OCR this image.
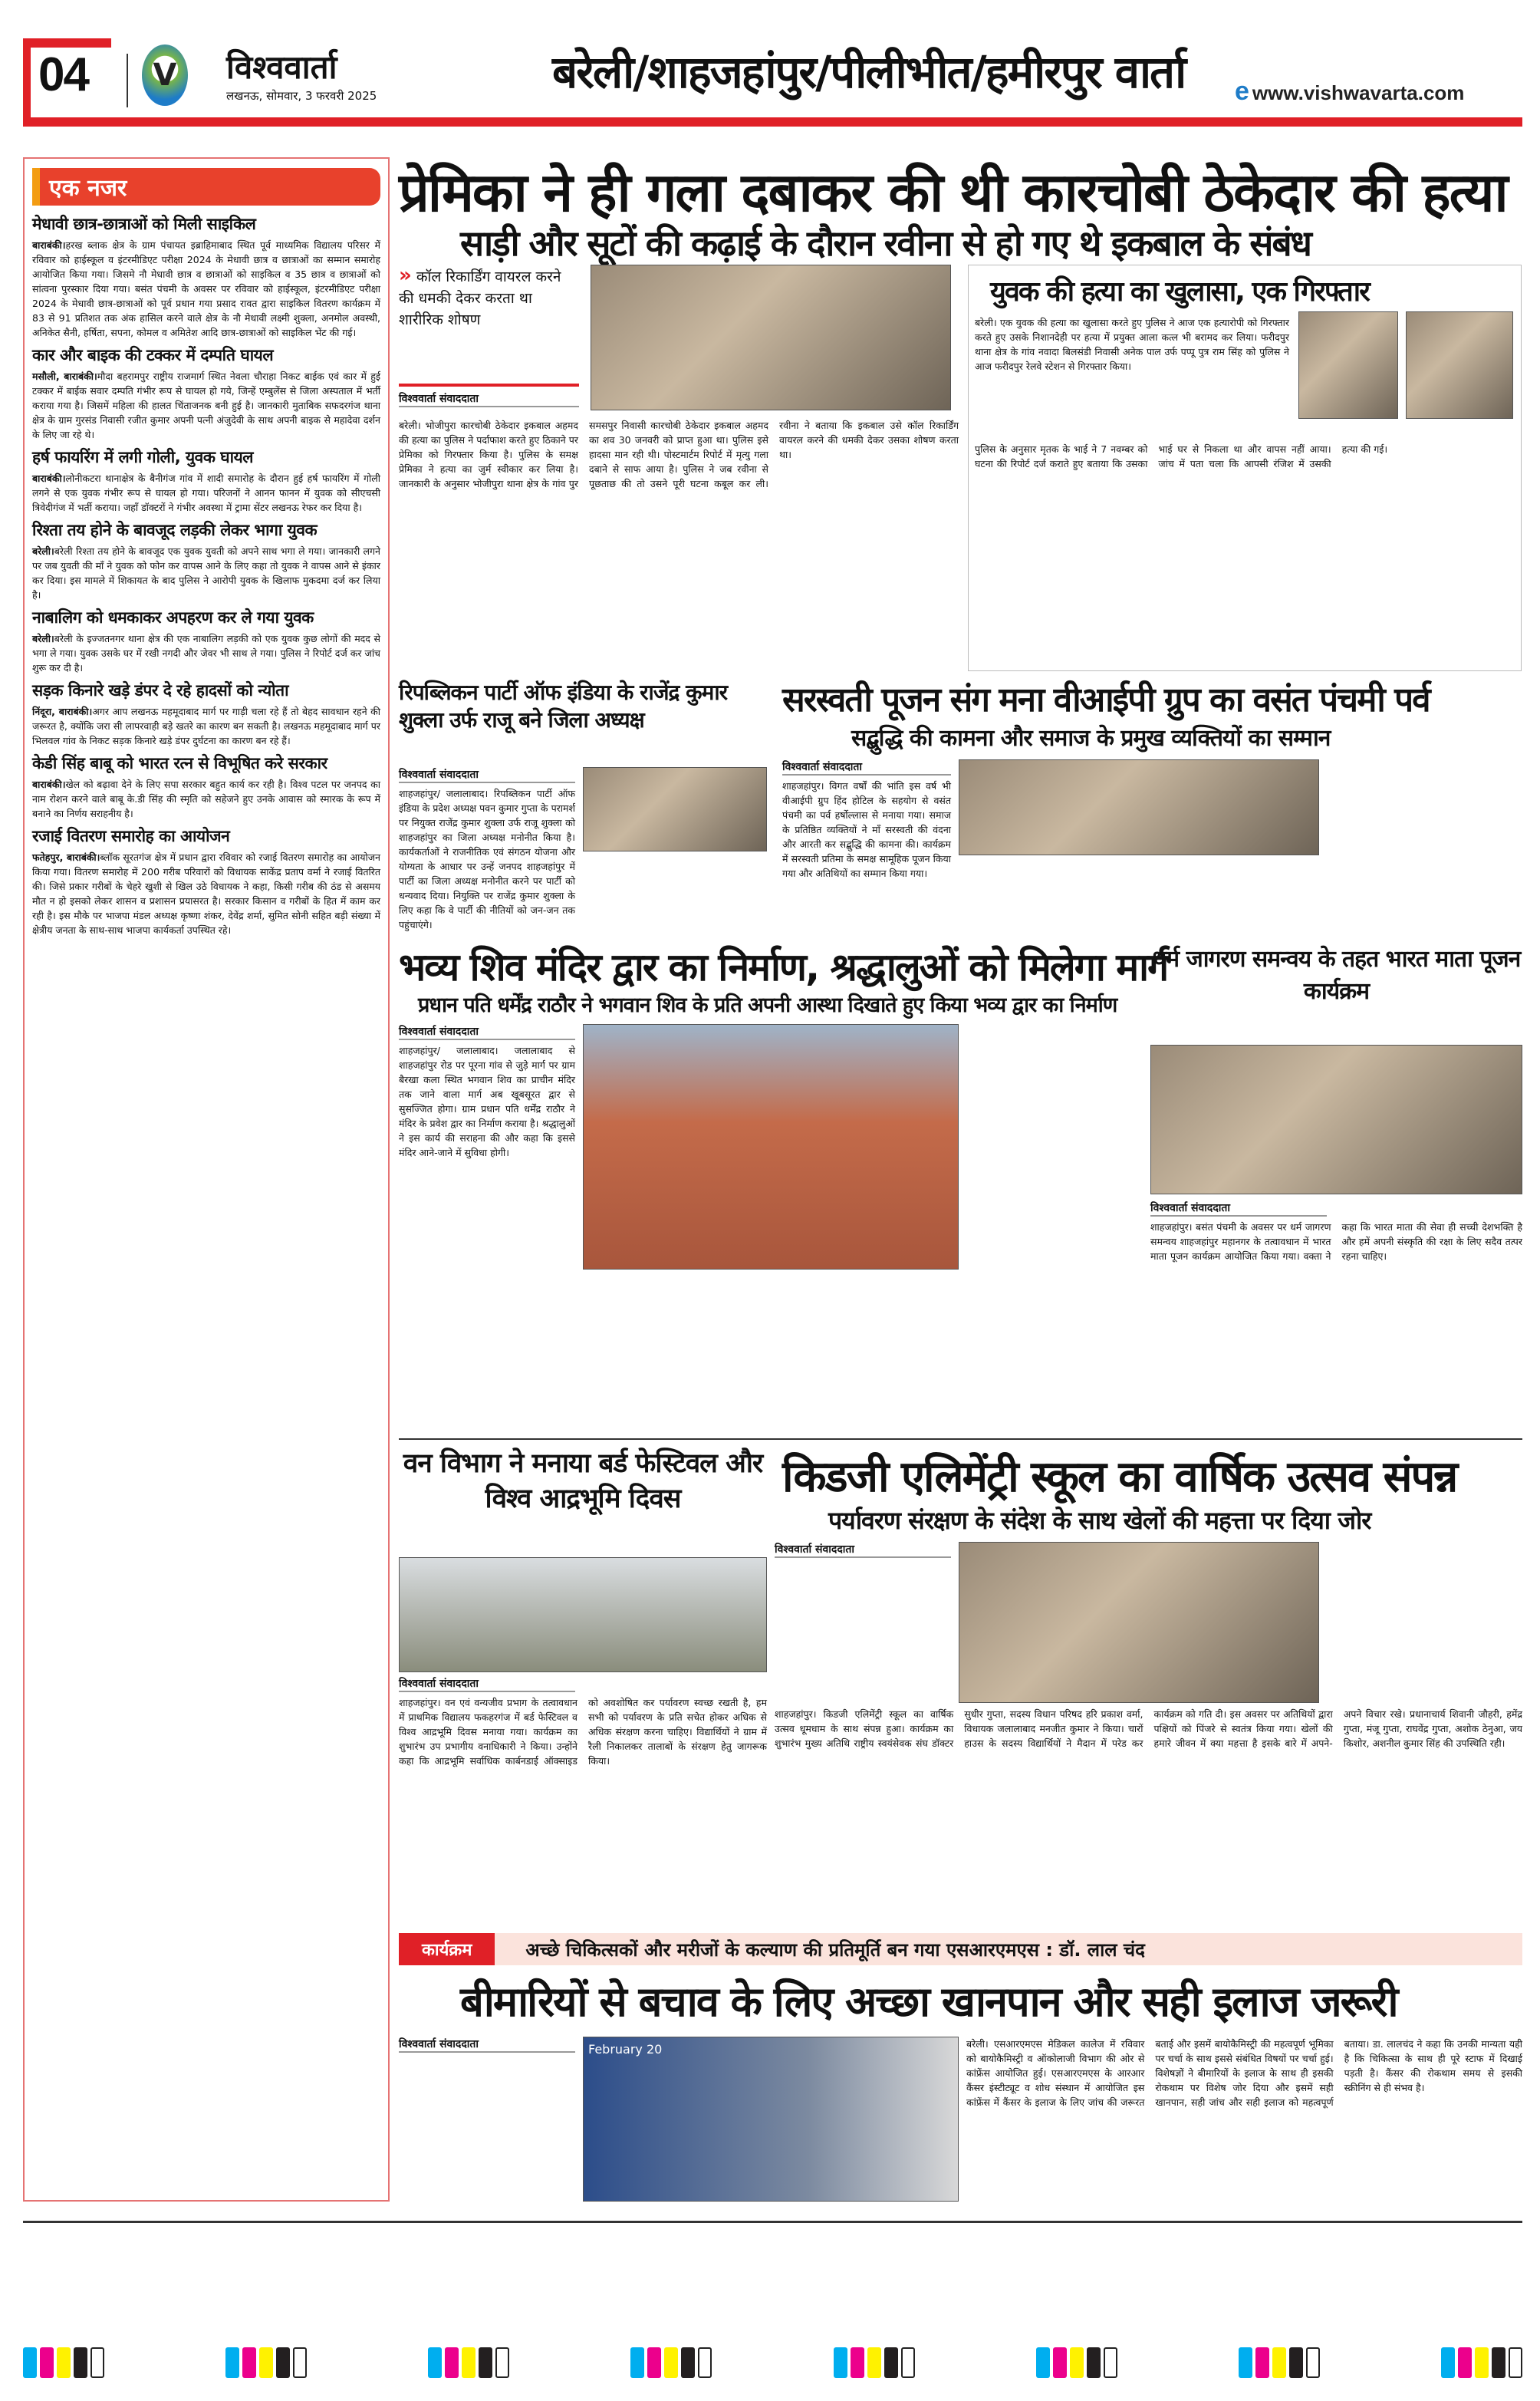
04	V	विश्ववार्ता
लखनऊ, सोमवार, 3 फरवरी 2025	बरेली/शाहजहांपुर/पीलीभीत/हमीरपुर वार्ता e www.vishwavarta.com
एक नजर
मेधावी छात्र-छात्राओं को मिली साइकिल
बाराबंकी।हरख ब्लाक क्षेत्र के ग्राम पंचायत इब्राहिमाबाद स्थित पूर्व माध्यमिक विद्यालय परिसर में रविवार को हाईस्कूल व इंटरमीडिएट परीक्षा 2024 के मेधावी छात्र व छात्राओं का सम्मान समारोह आयोजित किया गया। जिसमे नौ मेधावी छात्र व छात्राओं को साइकिल व 35 छात्र व छात्राओं को सांत्वना पुरस्कार दिया गया। बसंत पंचमी के अवसर पर रविवार को हाईस्कूल, इंटरमीडिएट परीक्षा 2024 के मेधावी छात्र-छात्राओं को पूर्व प्रधान गया प्रसाद रावत द्वारा साइकिल वितरण कार्यक्रम में 83 से 91 प्रतिशत तक अंक हासिल करने वाले क्षेत्र के नौ मेधावी लक्ष्मी शुक्ला, अनमोल अवस्थी, अनिकेत सैनी, हर्षिता, सपना, कोमल व अमितेश आदि छात्र-छात्राओं को साइकिल भेंट की गई।
कार और बाइक की टक्कर में दम्पति घायल
मसौली, बाराबंकी।मौदा बहरामपुर राष्ट्रीय राजमार्ग स्थित नेवला चौराहा निकट बाईक एवं कार में हुई टक्कर में बाईक सवार दम्पति गंभीर रूप से घायल हो गये, जिन्हें एम्बुलेंस से जिला अस्पताल में भर्ती कराया गया है। जिसमें महिला की हालत चिंताजनक बनी हुई है। जानकारी मुताबिक सफदरगंज थाना क्षेत्र के ग्राम गुरसंड निवासी रजीत कुमार अपनी पत्नी अंजुदेवी के साथ अपनी बाइक से महादेवा दर्शन के लिए जा रहे थे।
हर्ष फायरिंग में लगी गोली, युवक घायल
बाराबंकी।लोनीकटरा थानाक्षेत्र के बैनीगंज गांव में शादी समारोह के दौरान हुई हर्ष फायरिंग में गोली लगने से एक युवक गंभीर रूप से घायल हो गया। परिजनों ने आनन फानन में युवक को सीएचसी त्रिवेदीगंज में भर्ती कराया। जहाँ डॉक्टरों ने गंभीर अवस्था में ट्रामा सेंटर लखनऊ रेफर कर दिया है।
रिश्ता तय होने के बावजूद लड़की लेकर भागा युवक
बरेली।बरेली रिश्ता तय होने के बावजूद एक युवक युवती को अपने साथ भगा ले गया। जानकारी लगने पर जब युवती की माँ ने युवक को फोन कर वापस आने के लिए कहा तो युवक ने वापस आने से इंकार कर दिया। इस मामले में शिकायत के बाद पुलिस ने आरोपी युवक के खिलाफ मुकदमा दर्ज कर लिया है।
नाबालिग को धमकाकर अपहरण कर ले गया युवक
बरेली।बरेली के इज्जतनगर थाना क्षेत्र की एक नाबालिग लड़की को एक युवक कुछ लोगों की मदद से भगा ले गया। युवक उसके घर में रखी नगदी और जेवर भी साथ ले गया। पुलिस ने रिपोर्ट दर्ज कर जांच शुरू कर दी है।
सड़क किनारे खड़े डंपर दे रहे हादसों को न्योता
निंदूरा, बाराबंकी।अगर आप लखनऊ महमूदाबाद मार्ग पर गाड़ी चला रहे हैं तो बेहद सावधान रहने की जरूरत है, क्योंकि जरा सी लापरवाही बड़े खतरे का कारण बन सकती है। लखनऊ महमूदाबाद मार्ग पर भिलवल गांव के निकट सड़क किनारे खड़े डंपर दुर्घटना का कारण बन रहे हैं।
केडी सिंह बाबू को भारत रत्न से विभूषित करे सरकार
बाराबंकी।खेल को बढ़ावा देने के लिए सपा सरकार बहुत कार्य कर रही है। विश्व पटल पर जनपद का नाम रोशन करने वाले बाबू के.डी सिंह की स्मृति को सहेजने हुए उनके आवास को स्मारक के रूप में बनाने का निर्णय सराहनीय है।
रजाई वितरण समारोह का आयोजन
फतेहपुर, बाराबंकी।ब्लॉक सूरतगंज क्षेत्र में प्रधान द्वारा रविवार को रजाई वितरण समारोह का आयोजन किया गया। वितरण समारोह में 200 गरीब परिवारों को विधायक साकेंद्र प्रताप वर्मा ने रजाई वितरित की। जिसे प्रकार गरीबों के चेहरे खुशी से खिल उठे विधायक ने कहा, किसी गरीब की ठंड से असमय मौत न हो इसको लेकर शासन व प्रशासन प्रयासरत है। सरकार किसान व गरीबों के हित में काम कर रही है। इस मौके पर भाजपा मंडल अध्यक्ष कृष्णा शंकर, देवेंद्र शर्मा, सुमित सोनी सहित बड़ी संख्या में क्षेत्रीय जनता के साथ-साथ भाजपा कार्यकर्ता उपस्थित रहे।
प्रेमिका ने ही गला दबाकर की थी कारचोबी ठेकेदार की हत्या
साड़ी और सूटों की कढ़ाई के दौरान रवीना से हो गए थे इकबाल के संबंध
» कॉल रिकार्डिंग वायरल करने की धमकी देकर करता था शारीरिक शोषण
विश्ववार्ता संवाददाता
बरेली। भोजीपुरा कारचोबी ठेकेदार इकबाल अहमद की हत्या का पुलिस ने पर्दाफाश करते हुए ठिकाने पर प्रेमिका को गिरफ्तार किया है। पुलिस के समक्ष प्रेमिका ने हत्या का जुर्म स्वीकार कर लिया है। जानकारी के अनुसार भोजीपुरा थाना क्षेत्र के गांव पुर समसपुर निवासी कारचोबी ठेकेदार इकबाल अहमद का शव 30 जनवरी को प्राप्त हुआ था। पुलिस इसे हादसा मान रही थी। पोस्टमार्टम रिपोर्ट में मृत्यु गला दबाने से साफ आया है। पुलिस ने जब रवीना से पूछताछ की तो उसने पूरी घटना कबूल कर ली। रवीना ने बताया कि इकबाल उसे कॉल रिकार्डिंग वायरल करने की धमकी देकर उसका शोषण करता था।
युवक की हत्या का खुलासा, एक गिरफ्तार
बरेली। एक युवक की हत्या का खुलासा करते हुए पुलिस ने आज एक हत्यारोपी को गिरफ्तार करते हुए उसके निशानदेही पर हत्या में प्रयुक्त आला कत्ल भी बरामद कर लिया। फरीदपुर थाना क्षेत्र के गांव नवादा बिलसंडी निवासी अनेक पाल उर्फ पप्पू पुत्र राम सिंह को पुलिस ने आज फरीदपुर रेलवे स्टेशन से गिरफ्तार किया।
पुलिस के अनुसार मृतक के भाई ने 7 नवम्बर को घटना की रिपोर्ट दर्ज कराते हुए बताया कि उसका भाई घर से निकला था और वापस नहीं आया। जांच में पता चला कि आपसी रंजिश में उसकी हत्या की गई।
रिपब्लिकन पार्टी ऑफ इंडिया के राजेंद्र कुमार शुक्ला उर्फ राजू बने जिला अध्यक्ष
विश्ववार्ता संवाददाता
शाहजहांपुर/ जलालाबाद। रिपब्लिकन पार्टी ऑफ इंडिया के प्रदेश अध्यक्ष पवन कुमार गुप्ता के परामर्श पर नियुक्त राजेंद्र कुमार शुक्ला उर्फ राजू शुक्ला को शाहजहांपुर का जिला अध्यक्ष मनोनीत किया है। कार्यकर्ताओं ने राजनीतिक एवं संगठन योजना और योग्यता के आधार पर उन्हें जनपद शाहजहांपुर में पार्टी का जिला अध्यक्ष मनोनीत करने पर पार्टी को धन्यवाद दिया। नियुक्ति पर राजेंद्र कुमार शुक्ला के लिए कहा कि वे पार्टी की नीतियों को जन-जन तक पहुंचाएंगे।
सरस्वती पूजन संग मना वीआईपी ग्रुप का वसंत पंचमी पर्व
सद्बुद्धि की कामना और समाज के प्रमुख व्यक्तियों का सम्मान
विश्ववार्ता संवाददाता
शाहजहांपुर। विगत वर्षों की भांति इस वर्ष भी वीआईपी ग्रुप हिंद होटिल के सहयोग से वसंत पंचमी का पर्व हर्षोल्लास से मनाया गया। समाज के प्रतिष्ठित व्यक्तियों ने माँ सरस्वती की वंदना और आरती कर सद्बुद्धि की कामना की। कार्यक्रम में सरस्वती प्रतिमा के समक्ष सामूहिक पूजन किया गया और अतिथियों का सम्मान किया गया।
भव्य शिव मंदिर द्वार का निर्माण, श्रद्धालुओं को मिलेगा मार्ग
प्रधान पति धर्मेंद्र राठौर ने भगवान शिव के प्रति अपनी आस्था दिखाते हुए किया भव्य द्वार का निर्माण
विश्ववार्ता संवाददाता
शाहजहांपुर/ जलालाबाद। जलालाबाद से शाहजहांपुर रोड पर पूरना गांव से जुड़े मार्ग पर ग्राम बैरखा कला स्थित भगवान शिव का प्राचीन मंदिर तक जाने वाला मार्ग अब खूबसूरत द्वार से सुसज्जित होगा। ग्राम प्रधान पति धर्मेंद्र राठौर ने मंदिर के प्रवेश द्वार का निर्माण कराया है। श्रद्धालुओं ने इस कार्य की सराहना की और कहा कि इससे मंदिर आने-जाने में सुविधा होगी।
धर्म जागरण समन्वय के तहत भारत माता पूजन कार्यक्रम
विश्ववार्ता संवाददाता
शाहजहांपुर। बसंत पंचमी के अवसर पर धर्म जागरण समन्वय शाहजहांपुर महानगर के तत्वावधान में भारत माता पूजन कार्यक्रम आयोजित किया गया। वक्ता ने कहा कि भारत माता की सेवा ही सच्ची देशभक्ति है और हमें अपनी संस्कृति की रक्षा के लिए सदैव तत्पर रहना चाहिए।
वन विभाग ने मनाया बर्ड फेस्टिवल और विश्व आद्रभूमि दिवस
विश्ववार्ता संवाददाता
शाहजहांपुर। वन एवं वन्यजीव प्रभाग के तत्वावधान में प्राथमिक विद्यालय फकहरगंज में बर्ड फेस्टिवल व विश्व आद्रभूमि दिवस मनाया गया। कार्यक्रम का शुभारंभ उप प्रभागीय वनाधिकारी ने किया। उन्होंने कहा कि आद्रभूमि सर्वाधिक कार्बनडाई ऑक्साइड को अवशोषित कर पर्यावरण स्वच्छ रखती है, हम सभी को पर्यावरण के प्रति सचेत होकर अधिक से अधिक संरक्षण करना चाहिए। विद्यार्थियों ने ग्राम में रैली निकालकर तालाबों के संरक्षण हेतु जागरूक किया।
किडजी एलिमेंट्री स्कूल का वार्षिक उत्सव संपन्न
पर्यावरण संरक्षण के संदेश के साथ खेलों की महत्ता पर दिया जोर
विश्ववार्ता संवाददाता
शाहजहांपुर। किडजी एलिमेंट्री स्कूल का वार्षिक उत्सव धूमधाम के साथ संपन्न हुआ। कार्यक्रम का शुभारंभ मुख्य अतिथि राष्ट्रीय स्वयंसेवक संघ डॉक्टर सुधीर गुप्ता, सदस्य विधान परिषद हरि प्रकाश वर्मा, विधायक जलालाबाद मनजीत कुमार ने किया। चारों हाउस के सदस्य विद्यार्थियों ने मैदान में परेड कर कार्यक्रम को गति दी। इस अवसर पर अतिथियों द्वारा पक्षियों को पिंजरे से स्वतंत्र किया गया। खेलों की हमारे जीवन में क्या महत्ता है इसके बारे में अपने-अपने विचार रखे। प्रधानाचार्य शिवानी जौहरी, हमेंद्र गुप्ता, मंजू गुप्ता, राघवेंद्र गुप्ता, अशोक ठेनुआ, जय किशोर, अशनील कुमार सिंह की उपस्थिति रही।
कार्यक्रम	अच्छे चिकित्सकों और मरीजों के कल्याण की प्रतिमूर्ति बन गया एसआरएमएस : डॉ. लाल चंद
बीमारियों से बचाव के लिए अच्छा खानपान और सही इलाज जरूरी
विश्ववार्ता संवाददाता	February 20	बरेली। एसआरएमएस मेडिकल कालेज में रविवार को बायोकैमिस्ट्री व ऑकोलाजी विभाग की ओर से कांफ्रेंस आयोजित हुई। एसआरएमएस के आरआर कैंसर इंस्टीट्यूट व शोध संस्थान में आयोजित इस कांफ्रेंस में कैंसर के इलाज के लिए जांच की जरूरत बताई और इसमें बायोकैमिस्ट्री की महत्वपूर्ण भूमिका पर चर्चा के साथ इससे संबंधित विषयों पर चर्चा हुई। विशेषज्ञों ने बीमारियों के इलाज के साथ ही इसकी रोकथाम पर विशेष जोर दिया और इसमें सही खानपान, सही जांच और सही इलाज को महत्वपूर्ण बताया। डा. लालचंद ने कहा कि उनकी मान्यता यही है कि चिकित्सा के साथ ही पूरे स्टाफ में दिखाई पड़ती है। कैंसर की रोकथाम समय से इसकी स्क्रीनिंग से ही संभव है।
